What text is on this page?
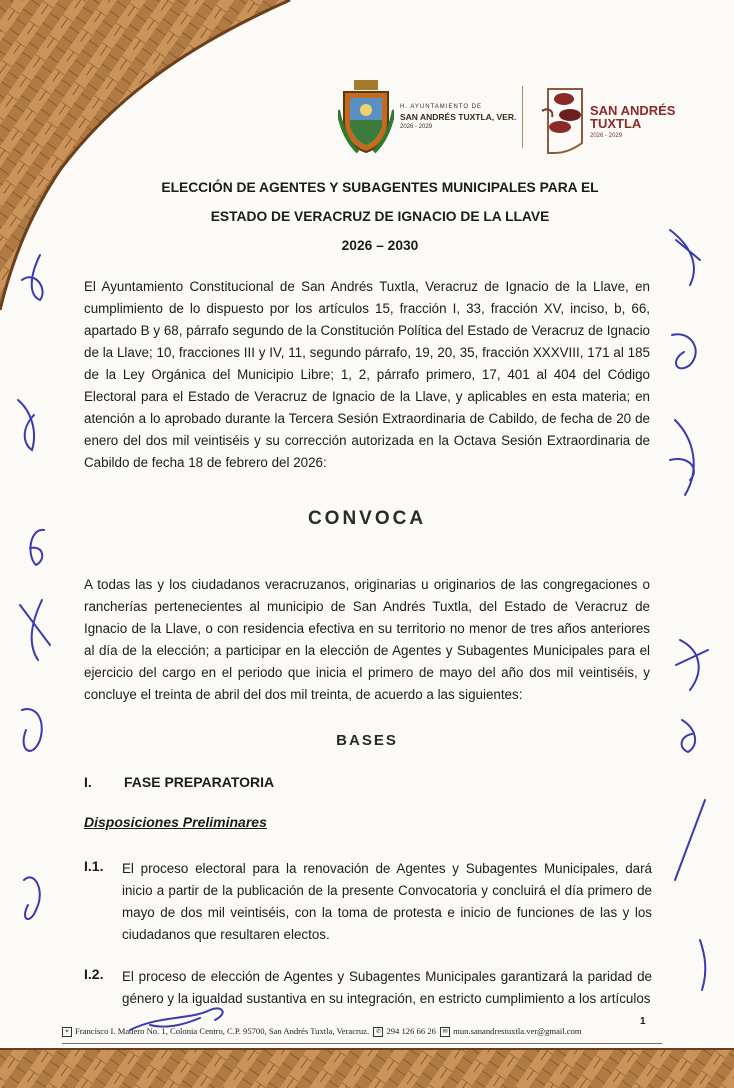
H. AYUNTAMIENTO DE
SAN ANDRÉS TUXTLA, VER.
2026 - 2029
SAN ANDRÉS
TUXTLA
2026 - 2029
ELECCIÓN DE AGENTES Y SUBAGENTES MUNICIPALES PARA EL
ESTADO DE VERACRUZ DE IGNACIO DE LA LLAVE
2026 – 2030
El Ayuntamiento Constitucional de San Andrés Tuxtla, Veracruz de Ignacio de la Llave, en cumplimiento de lo dispuesto por los artículos 15, fracción I, 33, fracción XV, inciso, b, 66, apartado B y 68, párrafo segundo de la Constitución Política del Estado de Veracruz de Ignacio de la Llave; 10, fracciones III y IV, 11, segundo párrafo, 19, 20, 35, fracción XXXVIII, 171 al 185 de la Ley Orgánica del Municipio Libre; 1, 2, párrafo primero, 17, 401 al 404 del Código Electoral para el Estado de Veracruz de Ignacio de la Llave, y aplicables en esta materia; en atención a lo aprobado durante la Tercera Sesión Extraordinaria de Cabildo, de fecha de 20 de enero del dos mil veintiséis y su corrección autorizada en la Octava Sesión Extraordinaria de Cabildo de fecha 18 de febrero del 2026:
CONVOCA
A todas las y los ciudadanos veracruzanos, originarias u originarios de las congregaciones o rancherías pertenecientes al municipio de San Andrés Tuxtla, del Estado de Veracruz de Ignacio de la Llave, o con residencia efectiva en su territorio no menor de tres años anteriores al día de la elección; a participar en la elección de Agentes y Subagentes Municipales para el ejercicio del cargo en el periodo que inicia el primero de mayo del año dos mil veintiséis, y concluye el treinta de abril del dos mil treinta, de acuerdo a las siguientes:
BASES
I. FASE PREPARATORIA
Disposiciones Preliminares
I.1. El proceso electoral para la renovación de Agentes y Subagentes Municipales, dará inicio a partir de la publicación de la presente Convocatoria y concluirá el día primero de mayo de dos mil veintiséis, con la toma de protesta e inicio de funciones de las y los ciudadanos que resultaren electos.
I.2. El proceso de elección de Agentes y Subagentes Municipales garantizará la paridad de género y la igualdad sustantiva en su integración, en estricto cumplimiento a los artículos
1
⌖ Francisco I. Madero No. 1, Colonia Centro, C.P. 95700, San Andrés Tuxtla, Veracruz. ✆ 294 126 66 26 ✉ mun.sanandrestuxtla.ver@gmail.com
